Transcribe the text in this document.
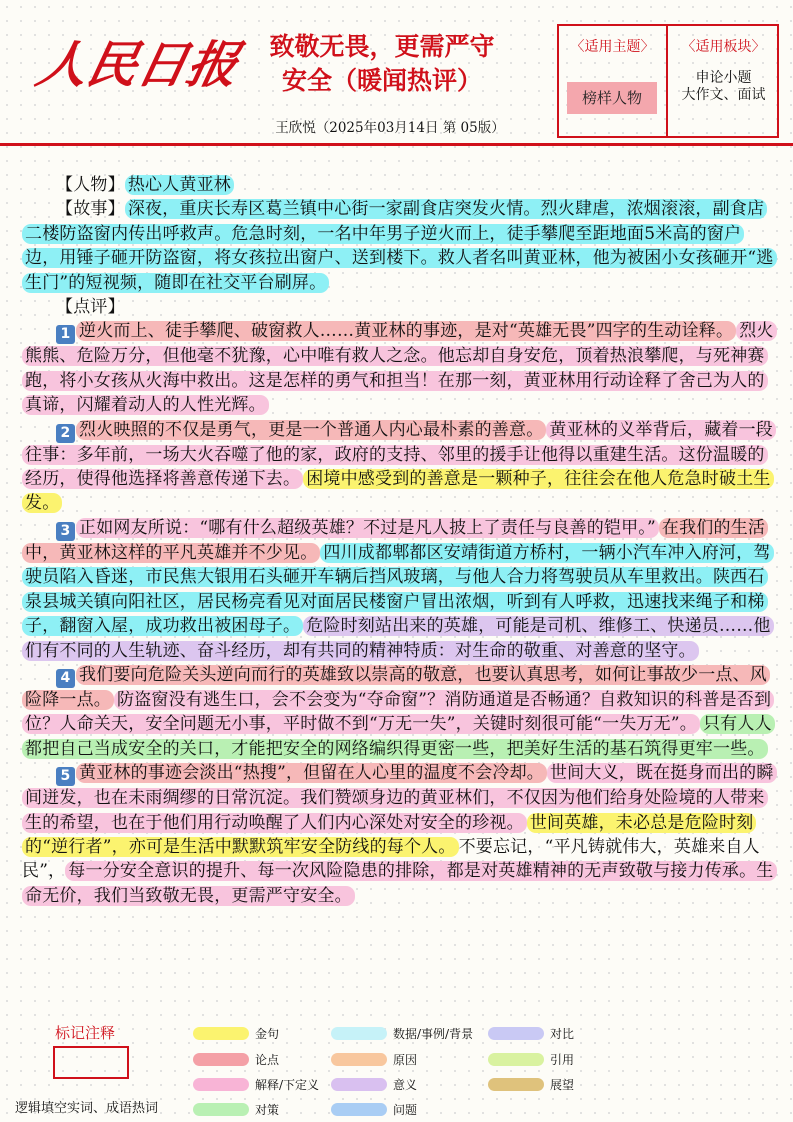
人民日报	致敬无畏，更需严守
安全（暖闻热评）
王欣悦（2025年03月14日 第 05版）
〈适用主题〉	〈适用板块〉
榜样人物
申论小题
大作文、面试

【人物】 热心人黄亚林

【故事】 深夜，重庆长寿区葛兰镇中心街一家副食店突发火情。烈火肆虐，浓烟滚滚，副食店二楼防盗窗内传出呼救声。危急时刻，一名中年男子逆火而上，徒手攀爬至距地面5米高的窗户边，用锤子砸开防盗窗，将女孩拉出窗户、送到楼下。救人者名叫黄亚林，他为被困小女孩砸开“逃生门”的短视频，随即在社交平台刷屏。

【点评】

1 逆火而上、徒手攀爬、破窗救人……黄亚林的事迹，是对“英雄无畏”四字的生动诠释。 烈火熊熊、危险万分，但他毫不犹豫，心中唯有救人之念。他忘却自身安危，顶着热浪攀爬，与死神赛跑，将小女孩从火海中救出。这是怎样的勇气和担当！在那一刻，黄亚林用行动诠释了舍己为人的真谛，闪耀着动人的人性光辉。

2 烈火映照的不仅是勇气，更是一个普通人内心最朴素的善意。 黄亚林的义举背后，藏着一段往事：多年前，一场大火吞噬了他的家，政府的支持、邻里的援手让他得以重建生活。这份温暖的经历，使得他选择将善意传递下去。 困境中感受到的善意是一颗种子，往往会在他人危急时破土生发。

3 正如网友所说：“哪有什么超级英雄？不过是凡人披上了责任与良善的铠甲。” 在我们的生活中，黄亚林这样的平凡英雄并不少见。 四川成都郫都区安靖街道方桥村，一辆小汽车冲入府河，驾驶员陷入昏迷，市民焦大银用石头砸开车辆后挡风玻璃，与他人合力将驾驶员从车里救出。陕西石泉县城关镇向阳社区，居民杨亮看见对面居民楼窗户冒出浓烟，听到有人呼救，迅速找来绳子和梯子，翻窗入屋，成功救出被困母子。 危险时刻站出来的英雄，可能是司机、维修工、快递员……他们有不同的人生轨迹、奋斗经历，却有共同的精神特质：对生命的敬重、对善意的坚守。

4 我们要向危险关头逆向而行的英雄致以崇高的敬意，也要认真思考，如何让事故少一点、风险降一点。 防盗窗没有逃生口，会不会变为“夺命窗”？消防通道是否畅通？自救知识的科普是否到位？人命关天，安全问题无小事，平时做不到“万无一失”，关键时刻很可能“一失万无”。 只有人人都把自己当成安全的关口，才能把安全的网络编织得更密一些，把美好生活的基石筑得更牢一些。

5 黄亚林的事迹会淡出“热搜”，但留在人心里的温度不会冷却。 世间大义，既在挺身而出的瞬间迸发，也在未雨绸缪的日常沉淀。我们赞颂身边的黄亚林们，不仅因为他们给身处险境的人带来生的希望，也在于他们用行动唤醒了人们内心深处对安全的珍视。 世间英雄，未必总是危险时刻的“逆行者”，亦可是生活中默默筑牢安全防线的每个人。 不要忘记，“平凡铸就伟大，英雄来自人民”， 每一分安全意识的提升、每一次风险隐患的排除，都是对英雄精神的无声致敬与接力传承。生命无价，我们当致敬无畏，更需严守安全。

标记注释
逻辑填空实词、成语热词
金句
论点
解释/下定义
对策
数据/事例/背景
原因
意义
问题
对比
引用
展望
